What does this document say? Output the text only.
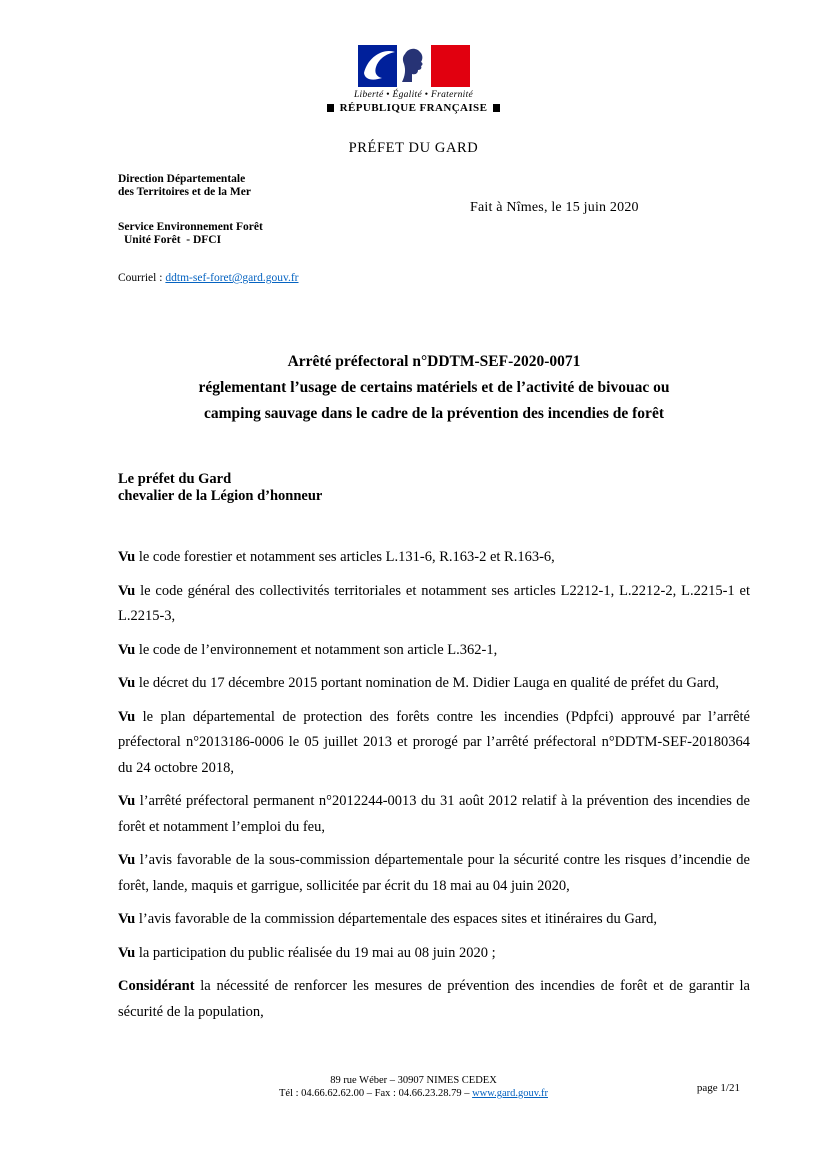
Liberté • Égalité • Fraternité
RÉPUBLIQUE FRANÇAISE
PRÉFET DU GARD
Direction Départementale
des Territoires et de la Mer
Fait à Nîmes, le 15 juin 2020
Service Environnement Forêt
Unité Forêt  - DFCI
Courriel : ddtm-sef-foret@gard.gouv.fr
Arrêté préfectoral n°DDTM-SEF-2020-0071
réglementant l’usage de certains matériels et de l’activité de bivouac ou
camping sauvage dans le cadre de la prévention des incendies de forêt
Le préfet du Gard
chevalier de la Légion d’honneur

Vu le code forestier et notamment ses articles L.131-6, R.163-2 et R.163-6,

Vu le code général des collectivités territoriales et notamment ses articles L2212-1, L.2212-2, L.2215-1 et L.2215-3,

Vu le code de l’environnement et notamment son article L.362-1,

Vu le décret du 17 décembre 2015 portant nomination de M. Didier Lauga en qualité de préfet du Gard,

Vu le plan départemental de protection des forêts contre les incendies (Pdpfci) approuvé par l’arrêté préfectoral n°2013186-0006 le 05 juillet 2013 et prorogé par l’arrêté préfectoral n°DDTM-SEF-20180364 du 24 octobre 2018,

Vu l’arrêté préfectoral permanent n°2012244-0013 du 31 août 2012 relatif à la prévention des incendies de forêt et notamment l’emploi du feu,

Vu l’avis favorable de la sous-commission départementale pour la sécurité contre les risques d’incendie de forêt, lande, maquis et garrigue, sollicitée par écrit du 18 mai au 04 juin 2020,

Vu l’avis favorable de la commission départementale des espaces sites et itinéraires du Gard,

Vu la participation du public réalisée du 19 mai au 08 juin 2020 ;

Considérant la nécessité de renforcer les mesures de prévention des incendies de forêt et de garantir la sécurité de la population,

89 rue Wéber – 30907 NIMES CEDEX
Tél : 04.66.62.62.00 – Fax : 04.66.23.28.79 – www.gard.gouv.fr	page 1/21
